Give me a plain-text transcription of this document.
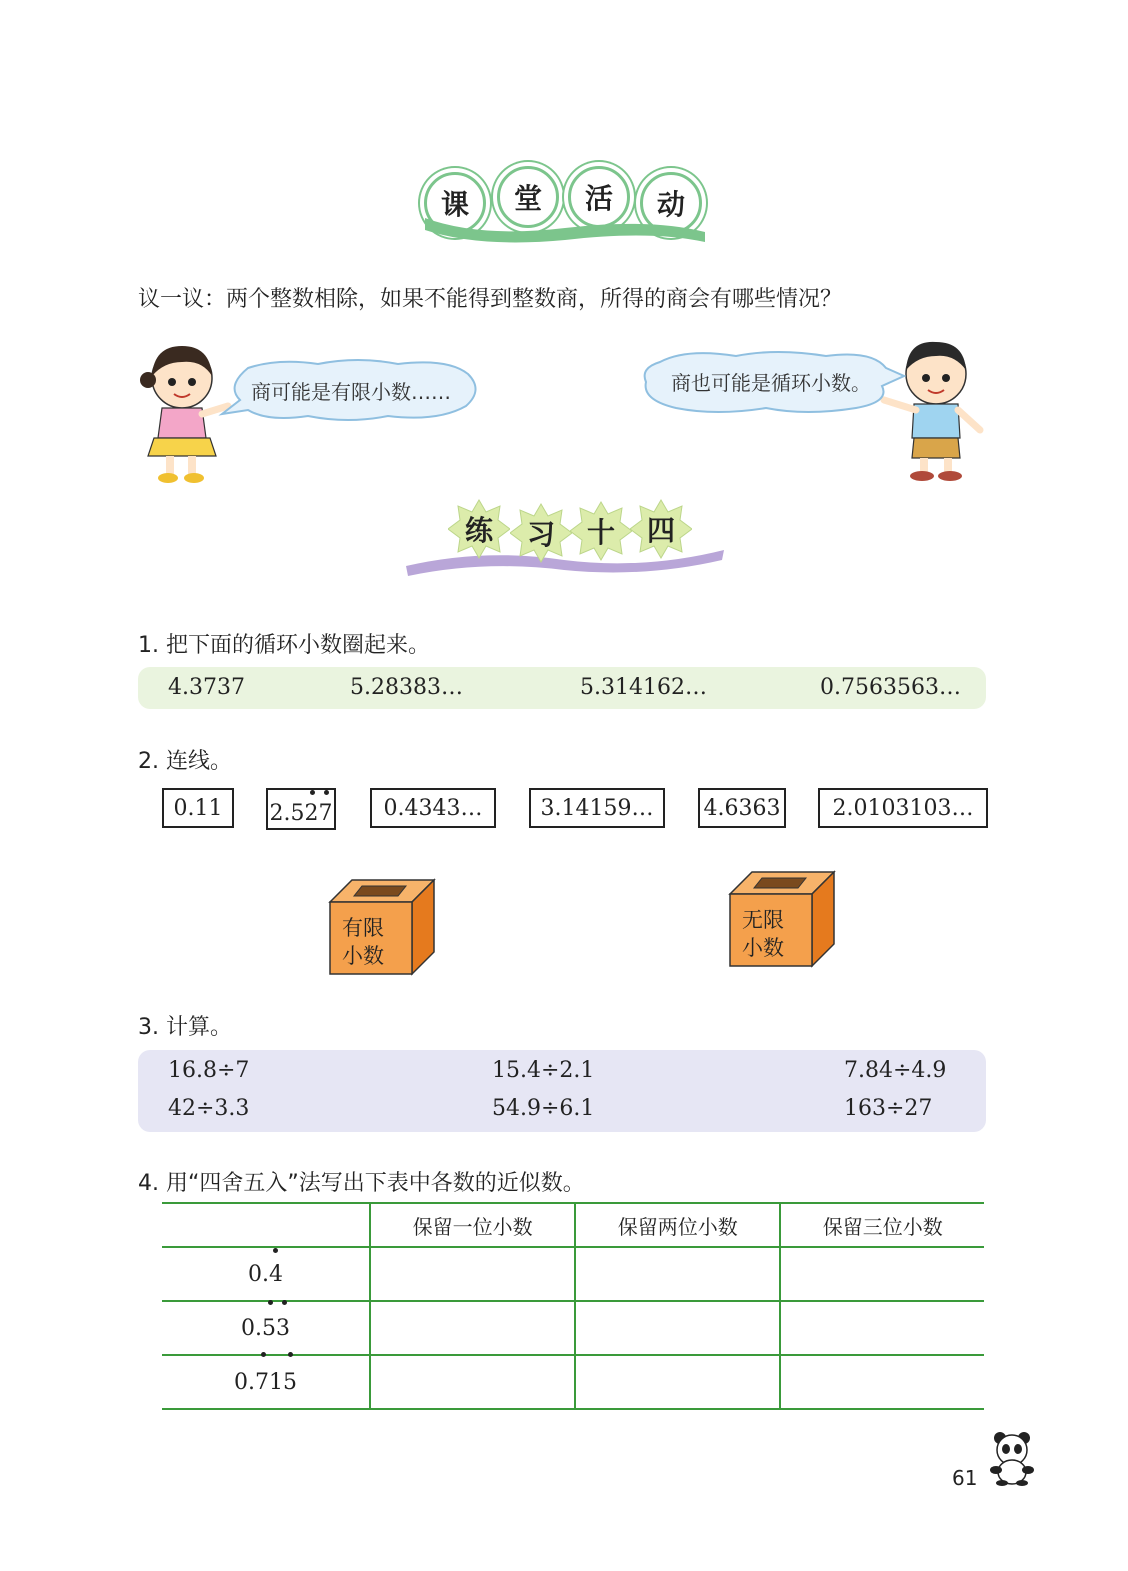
课 堂 活 动
议一议：两个整数相除，如果不能得到整数商，所得的商会有哪些情况？
商可能是有限小数……	商也可能是循环小数。
练 习 十 四
1. 把下面的循环小数圈起来。
4.3737	5.28383…	5.314162…	0.7563563…
2. 连线。
0.11	2.527	0.4343…	3.14159…	4.6363	2.0103103…
有限
小数
无限
小数
3. 计算。
16.8÷7	15.4÷2.1	7.84÷4.9
42÷3.3	54.9÷6.1	163÷27
4. 用“四舍五入”法写出下表中各数的近似数。
	保留一位小数	保留两位小数	保留三位小数
0.4			
0.53			
0.715			
61
